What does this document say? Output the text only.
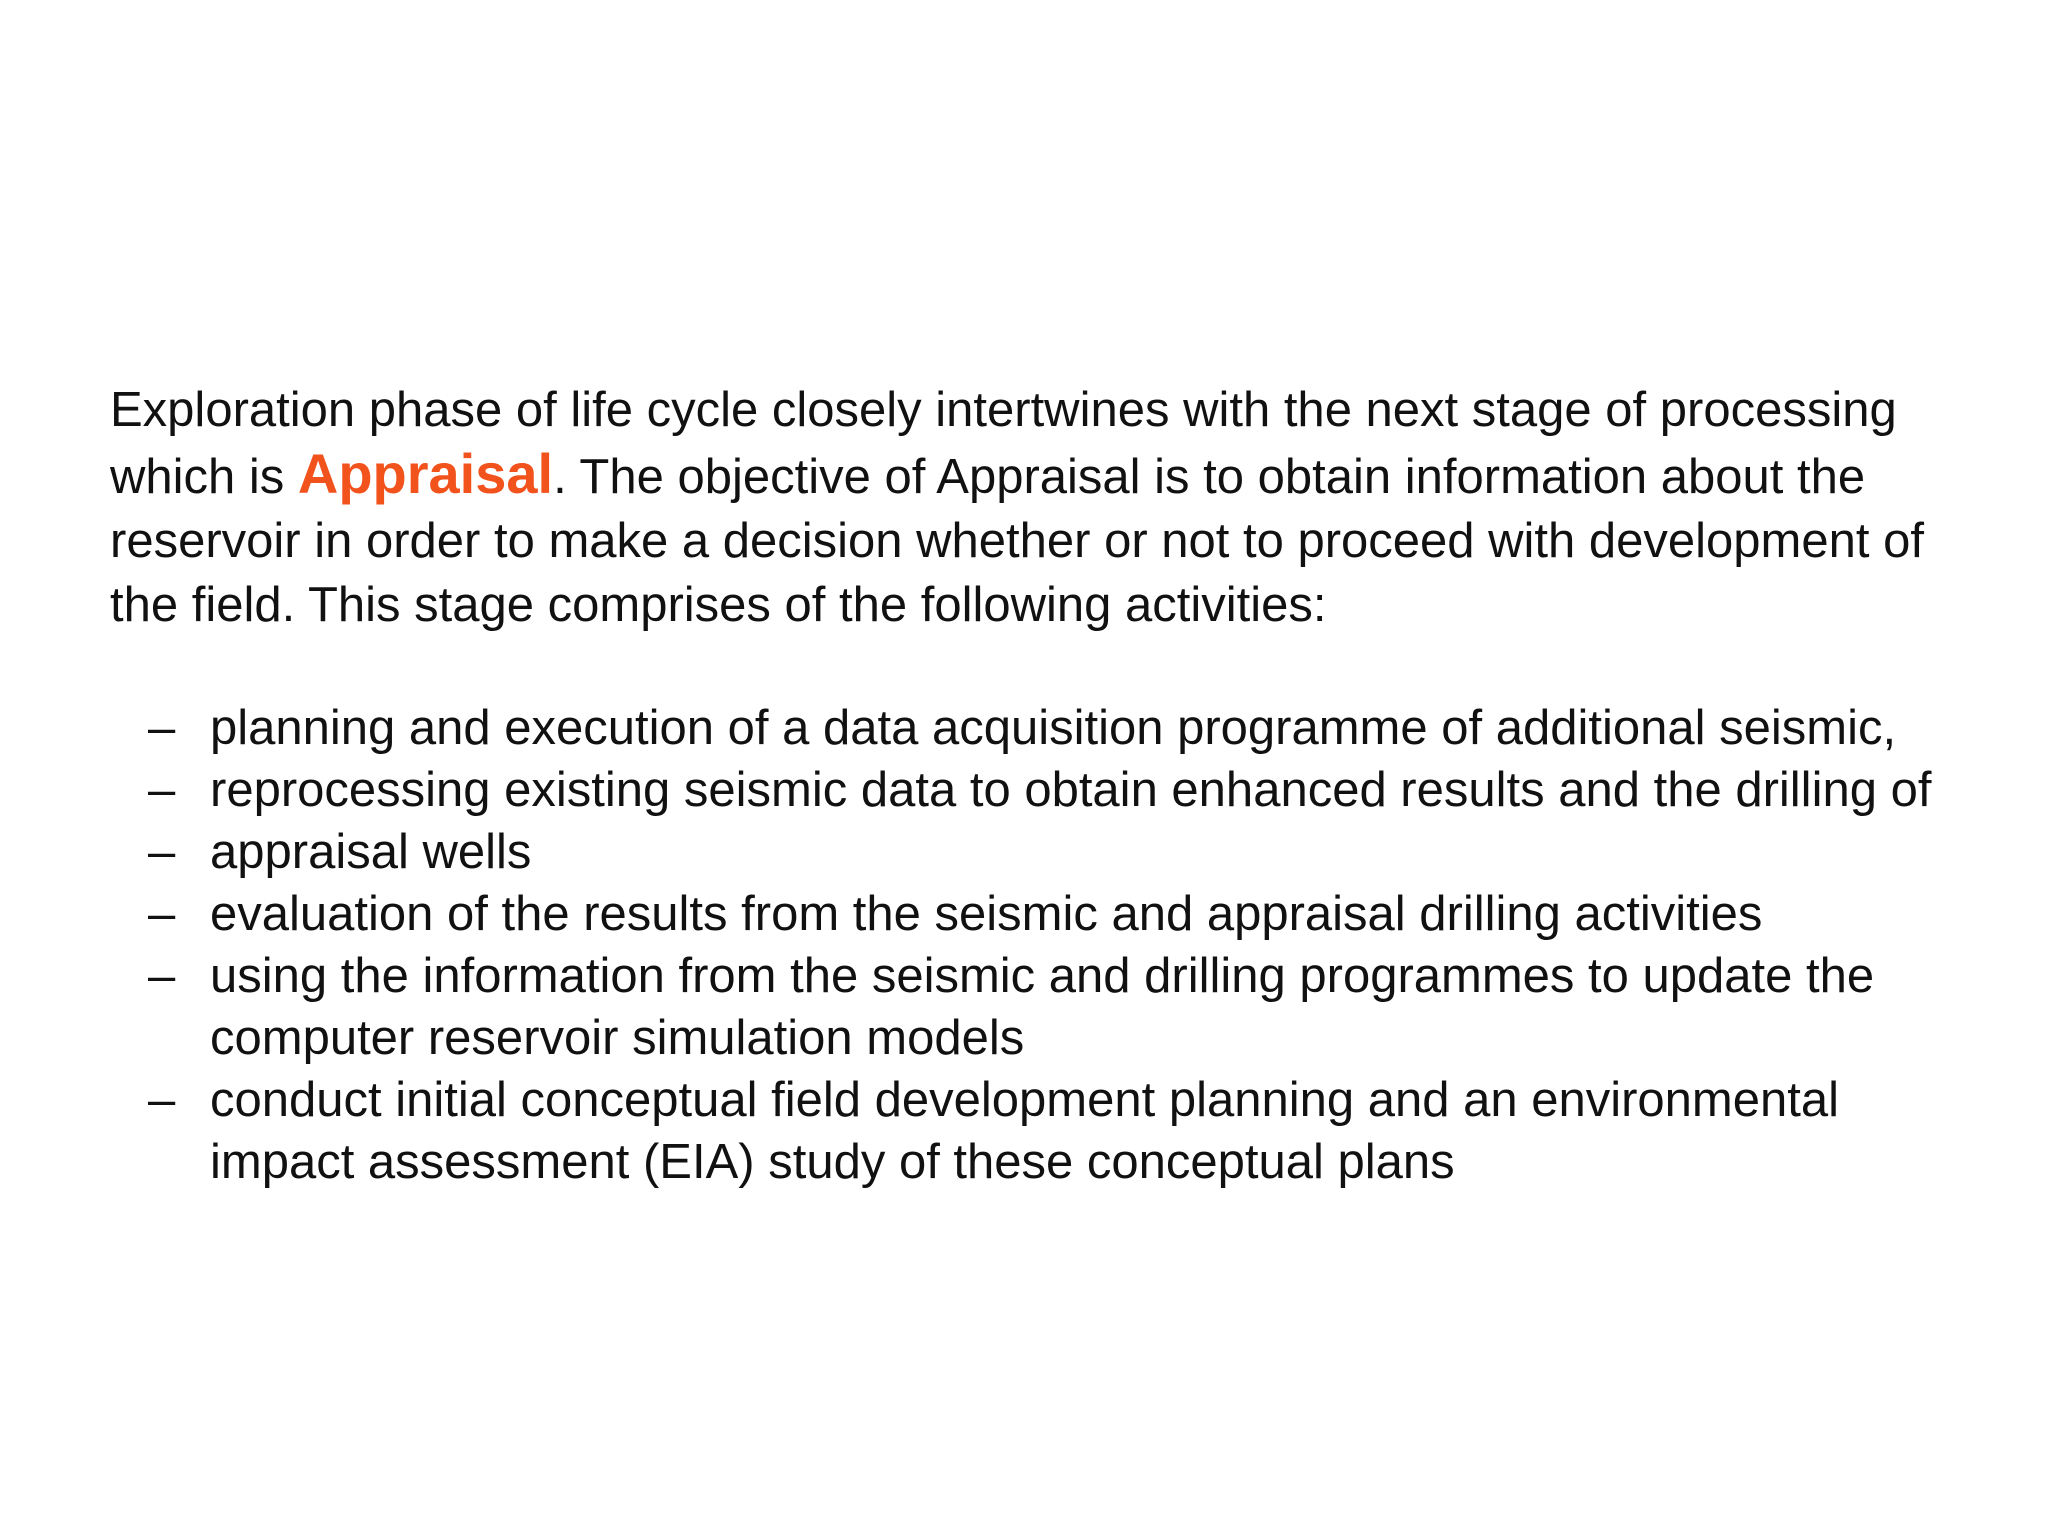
Exploration phase of life cycle closely intertwines with the next stage of processing which is Appraisal. The objective of Appraisal is to obtain information about the reservoir in order to make a decision whether or not to proceed with development of the field. This stage comprises of the following activities:

– planning and execution of a data acquisition programme of additional seismic,
– reprocessing existing seismic data to obtain enhanced results and the drilling of
– appraisal wells
– evaluation of the results from the seismic and appraisal drilling activities
– using the information from the seismic and drilling programmes to update the computer reservoir simulation models
– conduct initial conceptual field development planning and an environmental impact assessment (EIA) study of these conceptual plans
